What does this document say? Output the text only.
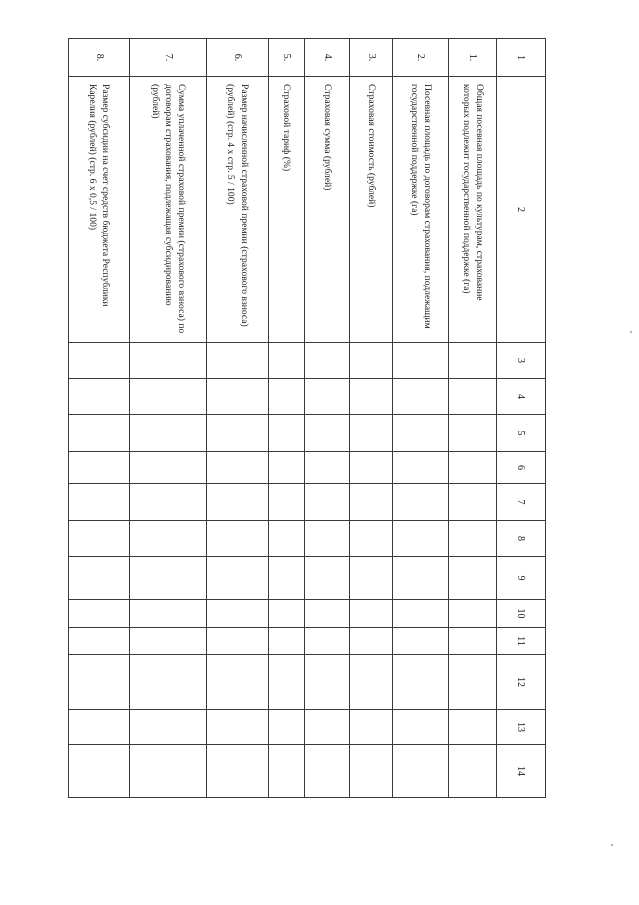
1	2	3	4	5	6	7	8	9	10	11	12	13	14
1.	Общая посевная площадь по культурам, страхование которых подлежит государственной поддержке (га)												
2.	Посевная площадь по договорам страхования, подлежащим государственной поддержке (га)												
3.	Страховая стоимость (рублей)												
4.	Страховая сумма (рублей)												
5.	Страховой тариф (%)												
6.	Размер начисленной страховой премии (страхового взноса) (рублей) (стр. 4 х стр. 5 / 100)												
7.	Сумма уплаченной страховой премии (страхового взноса) по договорам страхования, подлежащая субсидированию (рублей)												
8.	Размер субсидии на счет средств бюджета Республики Карелия (рублей) (стр. 6 х 0,5 / 100)												
